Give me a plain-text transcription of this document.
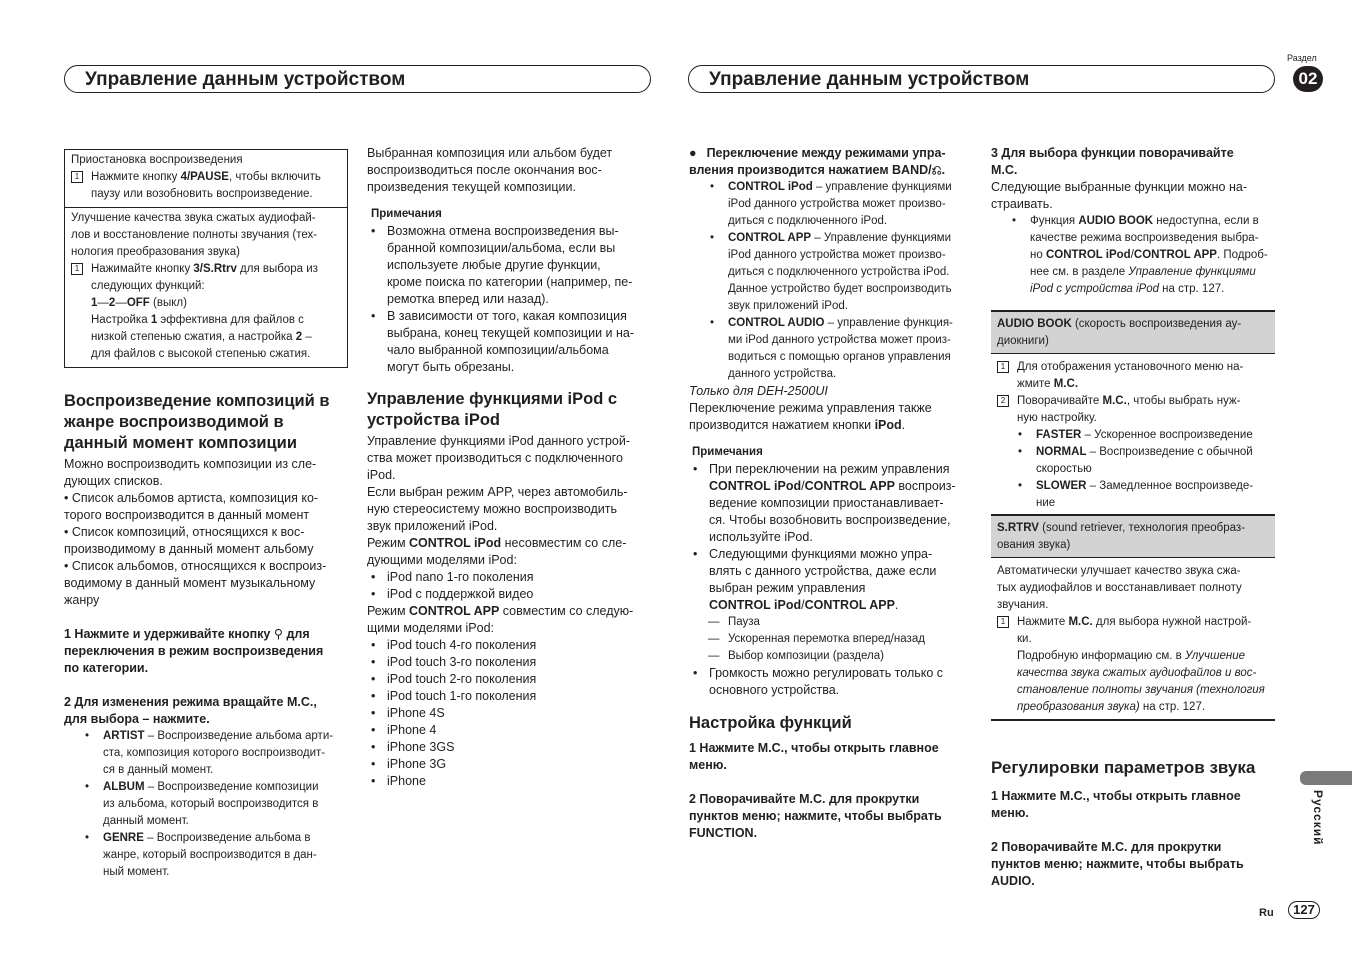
Управление данным устройством	Управление данным устройством
Раздел
02
Русский
Ru	127

Приостановка воспроизведения

1 Нажмите кнопку 4/PAUSE, чтобы включить

паузу или возобновить воспроизведение.

Улучшение качества звука сжатых аудиофай-

лов и восстановление полноты звучания (тех-

нология преобразования звука)

1 Нажимайте кнопку 3/S.Rtrv для выбора из

следующих функций:

1—2—OFF (выкл)

Настройка 1 эффективна для файлов с

низкой степенью сжатия, а настройка 2 –

для файлов с высокой степенью сжатия.

Воспроизведение композиций в

жанре воспроизводимой в

данный момент композиции

Можно воспроизводить композиции из сле-

дующих списков.

• Список альбомов артиста, композиция ко-

торого воспроизводится в данный момент

• Список композиций, относящихся к вос-

производимому в данный момент альбому

• Список альбомов, относящихся к воспроиз-

водимому в данный момент музыкальному

жанру

1 Нажмите и удерживайте кнопку ⚲ для

переключения в режим воспроизведения

по категории.

2 Для изменения режима вращайте M.C.,

для выбора – нажмите.

• ARTIST – Воспроизведение альбома арти-

ста, композиция которого воспроизводит-

ся в данный момент.

• ALBUM – Воспроизведение композиции

из альбома, который воспроизводится в

данный момент.

• GENRE – Воспроизведение альбома в

жанре, который воспроизводится в дан-

ный момент.

Выбранная композиция или альбом будет

воспроизводиться после окончания вос-

произведения текущей композиции.

Примечания

• Возможна отмена воспроизведения вы-

бранной композиции/альбома, если вы

используете любые другие функции,

кроме поиска по категории (например, пе-

ремотка вперед или назад).

• В зависимости от того, какая композиция

выбрана, конец текущей композиции и на-

чало выбранной композиции/альбома

могут быть обрезаны.

Управление функциями iPod с

устройства iPod

Управление функциями iPod данного устрой-

ства может производиться с подключенного

iPod.

Если выбран режим APP, через автомобиль-

ную стереосистему можно воспроизводить

звук приложений iPod.

Режим CONTROL iPod несовместим со сле-

дующими моделями iPod:

• iPod nano 1-го поколения
• iPod с поддержкой видео

Режим CONTROL APP совместим со следую-

щими моделями iPod:

• iPod touch 4-го поколения
• iPod touch 3-го поколения
• iPod touch 2-го поколения
• iPod touch 1-го поколения
• iPhone 4S
• iPhone 4
• iPhone 3GS
• iPhone 3G
• iPhone

● Переключение между режимами упра-

вления производится нажатием BAND/⎌.

• CONTROL iPod – управление функциями

iPod данного устройства может произво-

диться с подключенного iPod.

• CONTROL APP – Управление функциями

iPod данного устройства может произво-

диться с подключенного устройства iPod.

Данное устройство будет воспроизводить

звук приложений iPod.

• CONTROL AUDIO – управление функция-

ми iPod данного устройства может произ-

водиться с помощью органов управления

данного устройства.

Только для DEH-2500UI

Переключение режима управления также

производится нажатием кнопки iPod.

Примечания

• При переключении на режим управления

CONTROL iPod/CONTROL APP воспроиз-

ведение композиции приостанавливает-

ся. Чтобы возобновить воспроизведение,

используйте iPod.

• Следующими функциями можно упра-

влять с данного устройства, даже если

выбран режим управления

CONTROL iPod/CONTROL APP.

— Пауза
— Ускоренная перемотка вперед/назад
— Выбор композиции (раздела)

• Громкость можно регулировать только с

основного устройства.

Настройка функций

1 Нажмите M.C., чтобы открыть главное

меню.

2 Поворачивайте M.C. для прокрутки

пунктов меню; нажмите, чтобы выбрать

FUNCTION.

3 Для выбора функции поворачивайте

M.C.

Следующие выбранные функции можно на-

страивать.

• Функция AUDIO BOOK недоступна, если в

качестве режима воспроизведения выбра-

но CONTROL iPod/CONTROL APP. Подроб-

нее см. в разделе Управление функциями

iPod с устройства iPod на стр. 127.

AUDIO BOOK (скорость воспроизведения ау-

диокниги)

1 Для отображения установочного меню на-

жмите M.C.

2 Поворачивайте M.C., чтобы выбрать нуж-

ную настройку.

• FASTER – Ускоренное воспроизведение

• NORMAL – Воспроизведение с обычной

скоростью

• SLOWER – Замедленное воспроизведе-

ние

S.RTRV (sound retriever, технология преобраз-

ования звука)

Автоматически улучшает качество звука сжа-

тых аудиофайлов и восстанавливает полноту

звучания.

1 Нажмите M.C. для выбора нужной настрой-

ки.

Подробную информацию см. в Улучшение

качества звука сжатых аудиофайлов и вос-

становление полноты звучания (технология

преобразования звука) на стр. 127.

Регулировки параметров звука

1 Нажмите M.C., чтобы открыть главное

меню.

2 Поворачивайте M.C. для прокрутки

пунктов меню; нажмите, чтобы выбрать

AUDIO.
